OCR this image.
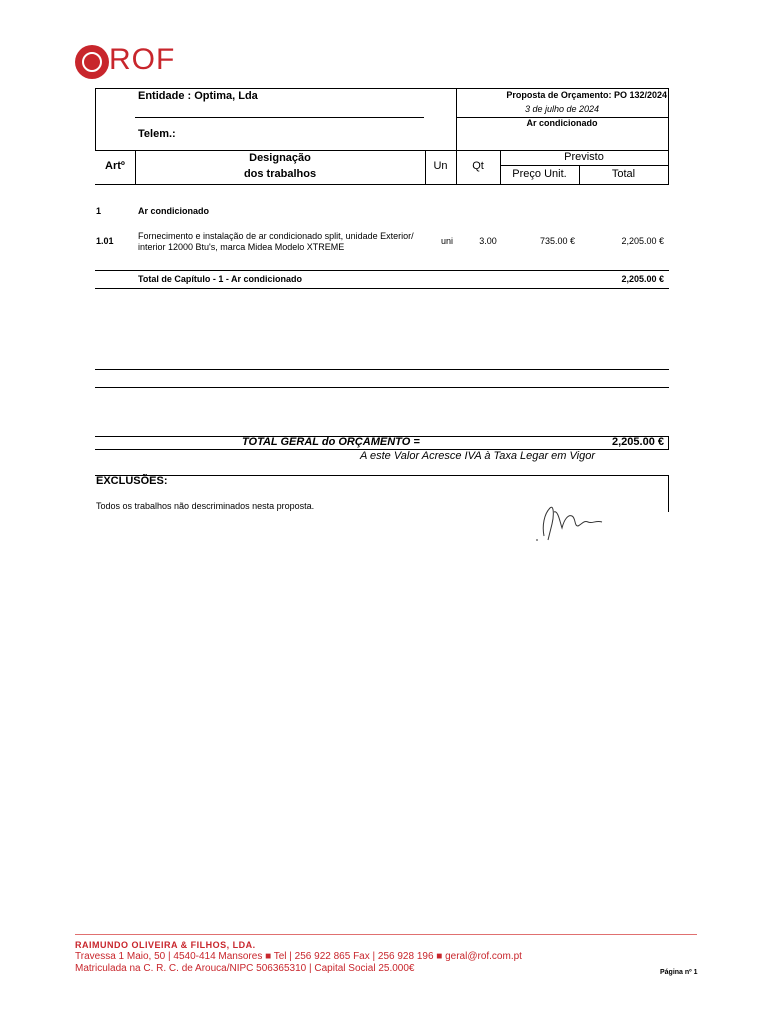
ROF
Entidade : Optima, Lda
Telem.:
Proposta de Orçamento: PO 132/2024
3 de julho de 2024
Ar condicionado
Artº
Designação
dos trabalhos
Un	Qt
Previsto
Preço Unit.	Total
1	Ar condicionado
1.01	Fornecimento e instalação de ar condicionado split, unidade Exterior/
interior 12000 Btu's, marca Midea Modelo XTREME
uni	3.00	735.00 €	2,205.00 €
Total de Capítulo - 1 - Ar condicionado	2,205.00 €
TOTAL GERAL do ORÇAMENTO =	2,205.00 €
A este Valor Acresce IVA à Taxa Legar em Vigor
EXCLUSÕES:
Todos os trabalhos não descriminados nesta proposta.
RAIMUNDO OLIVEIRA & FILHOS, LDA.
Travessa 1 Maio, 50 | 4540-414 Mansores ■ Tel | 256 922 865 Fax | 256 928 196 ■ geral@rof.com.pt
Matriculada na C. R. C. de Arouca/NIPC 506365310 | Capital Social 25.000€	Página nº 1
